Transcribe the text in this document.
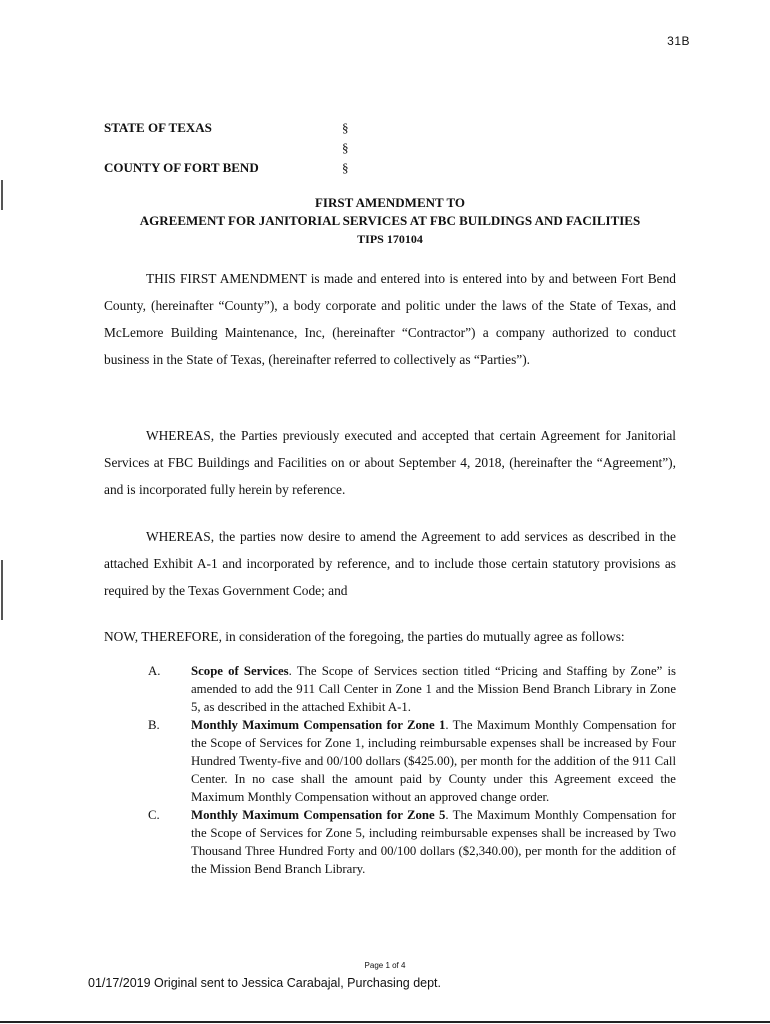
31B
STATE OF TEXAS	§
§
COUNTY OF FORT BEND	§
FIRST AMENDMENT TO
AGREEMENT FOR JANITORIAL SERVICES AT FBC BUILDINGS AND FACILITIES
TIPS 170104
THIS FIRST AMENDMENT is made and entered into is entered into by and between Fort Bend County, (hereinafter “County”), a body corporate and politic under the laws of the State of Texas, and McLemore Building Maintenance, Inc, (hereinafter “Contractor”) a company authorized to conduct business in the State of Texas, (hereinafter referred to collectively as “Parties”).
WHEREAS, the Parties previously executed and accepted that certain Agreement for Janitorial Services at FBC Buildings and Facilities on or about September 4, 2018, (hereinafter the “Agreement”), and is incorporated fully herein by reference.
WHEREAS, the parties now desire to amend the Agreement to add services as described in the attached Exhibit A-1 and incorporated by reference, and to include those certain statutory provisions as required by the Texas Government Code; and
NOW, THEREFORE, in consideration of the foregoing, the parties do mutually agree as follows:
A.	Scope of Services. The Scope of Services section titled “Pricing and Staffing by Zone” is amended to add the 911 Call Center in Zone 1 and the Mission Bend Branch Library in Zone 5, as described in the attached Exhibit A-1.
B.	Monthly Maximum Compensation for Zone 1. The Maximum Monthly Compensation for the Scope of Services for Zone 1, including reimbursable expenses shall be increased by Four Hundred Twenty-five and 00/100 dollars ($425.00), per month for the addition of the 911 Call Center. In no case shall the amount paid by County under this Agreement exceed the Maximum Monthly Compensation without an approved change order.
C.	Monthly Maximum Compensation for Zone 5. The Maximum Monthly Compensation for the Scope of Services for Zone 5, including reimbursable expenses shall be increased by Two Thousand Three Hundred Forty and 00/100 dollars ($2,340.00), per month for the addition of the Mission Bend Branch Library.
Page 1 of 4
01/17/2019 Original sent to Jessica Carabajal, Purchasing dept.
